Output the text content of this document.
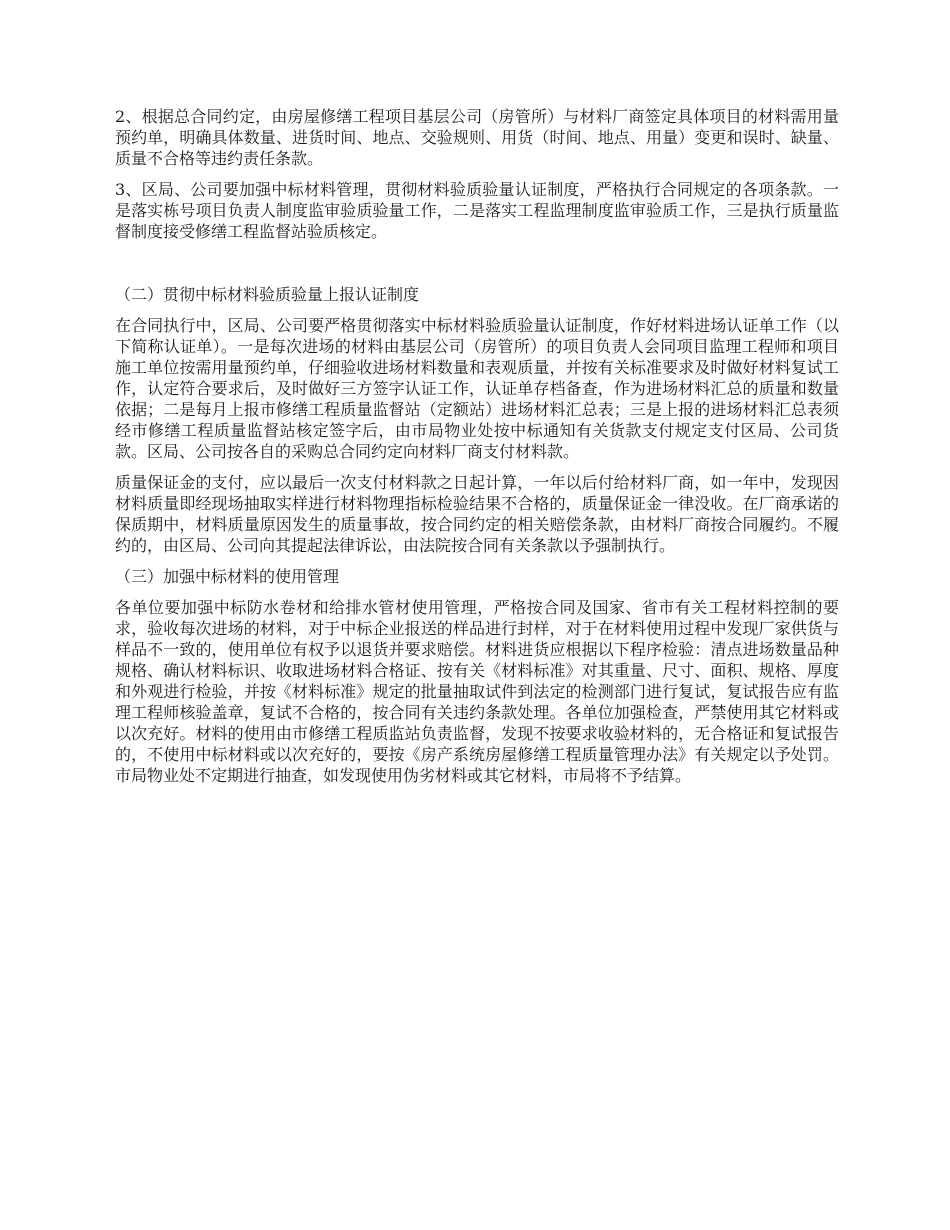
2、根据总合同约定，由房屋修缮工程项目基层公司（房管所）与材料厂商签定具体项目的材料需用量预约单，明确具体数量、进货时间、地点、交验规则、用货（时间、地点、用量）变更和误时、缺量、质量不合格等违约责任条款。

3、区局、公司要加强中标材料管理，贯彻材料验质验量认证制度，严格执行合同规定的各项条款。一是落实栋号项目负责人制度监审验质验量工作，二是落实工程监理制度监审验质工作，三是执行质量监督制度接受修缮工程监督站验质核定。

（二）贯彻中标材料验质验量上报认证制度

在合同执行中，区局、公司要严格贯彻落实中标材料验质验量认证制度，作好材料进场认证单工作（以下简称认证单）。一是每次进场的材料由基层公司（房管所）的项目负责人会同项目监理工程师和项目施工单位按需用量预约单，仔细验收进场材料数量和表观质量，并按有关标准要求及时做好材料复试工作，认定符合要求后，及时做好三方签字认证工作，认证单存档备查，作为进场材料汇总的质量和数量依据；二是每月上报市修缮工程质量监督站（定额站）进场材料汇总表；三是上报的进场材料汇总表须经市修缮工程质量监督站核定签字后，由市局物业处按中标通知有关货款支付规定支付区局、公司货款。区局、公司按各自的采购总合同约定向材料厂商支付材料款。

质量保证金的支付，应以最后一次支付材料款之日起计算，一年以后付给材料厂商，如一年中，发现因材料质量即经现场抽取实样进行材料物理指标检验结果不合格的，质量保证金一律没收。在厂商承诺的保质期中，材料质量原因发生的质量事故，按合同约定的相关赔偿条款，由材料厂商按合同履约。不履约的，由区局、公司向其提起法律诉讼，由法院按合同有关条款以予强制执行。

（三）加强中标材料的使用管理

各单位要加强中标防水卷材和给排水管材使用管理，严格按合同及国家、省市有关工程材料控制的要求，验收每次进场的材料，对于中标企业报送的样品进行封样，对于在材料使用过程中发现厂家供货与样品不一致的，使用单位有权予以退货并要求赔偿。材料进货应根据以下程序检验：清点进场数量品种规格、确认材料标识、收取进场材料合格证、按有关《材料标准》对其重量、尺寸、面积、规格、厚度和外观进行检验，并按《材料标准》规定的批量抽取试件到法定的检测部门进行复试，复试报告应有监理工程师核验盖章，复试不合格的，按合同有关违约条款处理。各单位加强检查，严禁使用其它材料或以次充好。材料的使用由市修缮工程质监站负责监督，发现不按要求收验材料的，无合格证和复试报告的，不使用中标材料或以次充好的，要按《房产系统房屋修缮工程质量管理办法》有关规定以予处罚。市局物业处不定期进行抽查，如发现使用伪劣材料或其它材料，市局将不予结算。
